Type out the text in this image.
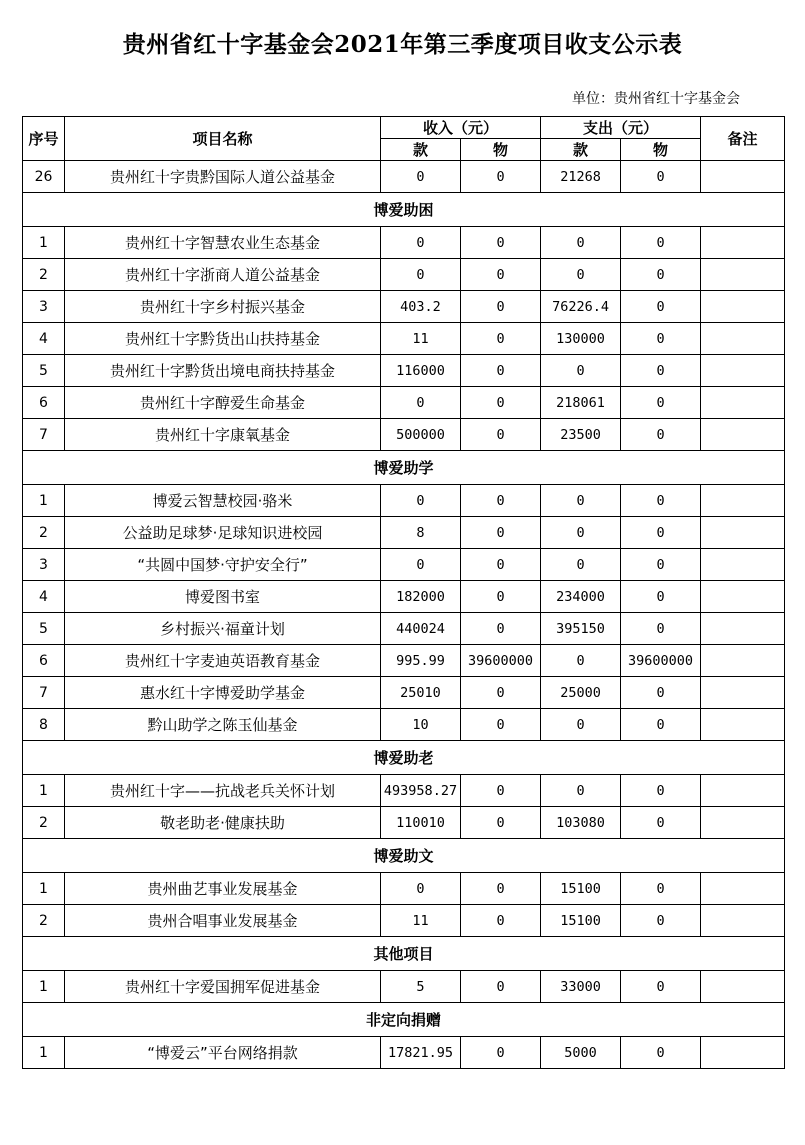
贵州省红十字基金会2021年第三季度项目收支公示表
单位：贵州省红十字基金会
序号	项目名称	收入（元）		支出（元）		备注
		款	物	款	物	
26	贵州红十字贵黔国际人道公益基金	0	0	21268	0	
博爱助困						
1	贵州红十字智慧农业生态基金	0	0	0	0	
2	贵州红十字浙商人道公益基金	0	0	0	0	
3	贵州红十字乡村振兴基金	403.2	0	76226.4	0	
4	贵州红十字黔货出山扶持基金	11	0	130000	0	
5	贵州红十字黔货出境电商扶持基金	116000	0	0	0	
6	贵州红十字醇爱生命基金	0	0	218061	0	
7	贵州红十字康氧基金	500000	0	23500	0	
博爱助学						
1	博爱云智慧校园·骆米	0	0	0	0	
2	公益助足球梦·足球知识进校园	8	0	0	0	
3	“共圆中国梦·守护安全行”	0	0	0	0	
4	博爱图书室	182000	0	234000	0	
5	乡村振兴·福童计划	440024	0	395150	0	
6	贵州红十字麦迪英语教育基金	995.99	39600000	0	39600000	
7	惠水红十字博爱助学基金	25010	0	25000	0	
8	黔山助学之陈玉仙基金	10	0	0	0	
博爱助老						
1	贵州红十字——抗战老兵关怀计划	493958.27	0	0	0	
2	敬老助老·健康扶助	110010	0	103080	0	
博爱助文						
1	贵州曲艺事业发展基金	0	0	15100	0	
2	贵州合唱事业发展基金	11	0	15100	0	
其他项目						
1	贵州红十字爱国拥军促进基金	5	0	33000	0	
非定向捐赠						
1	“博爱云”平台网络捐款	17821.95	0	5000	0	
